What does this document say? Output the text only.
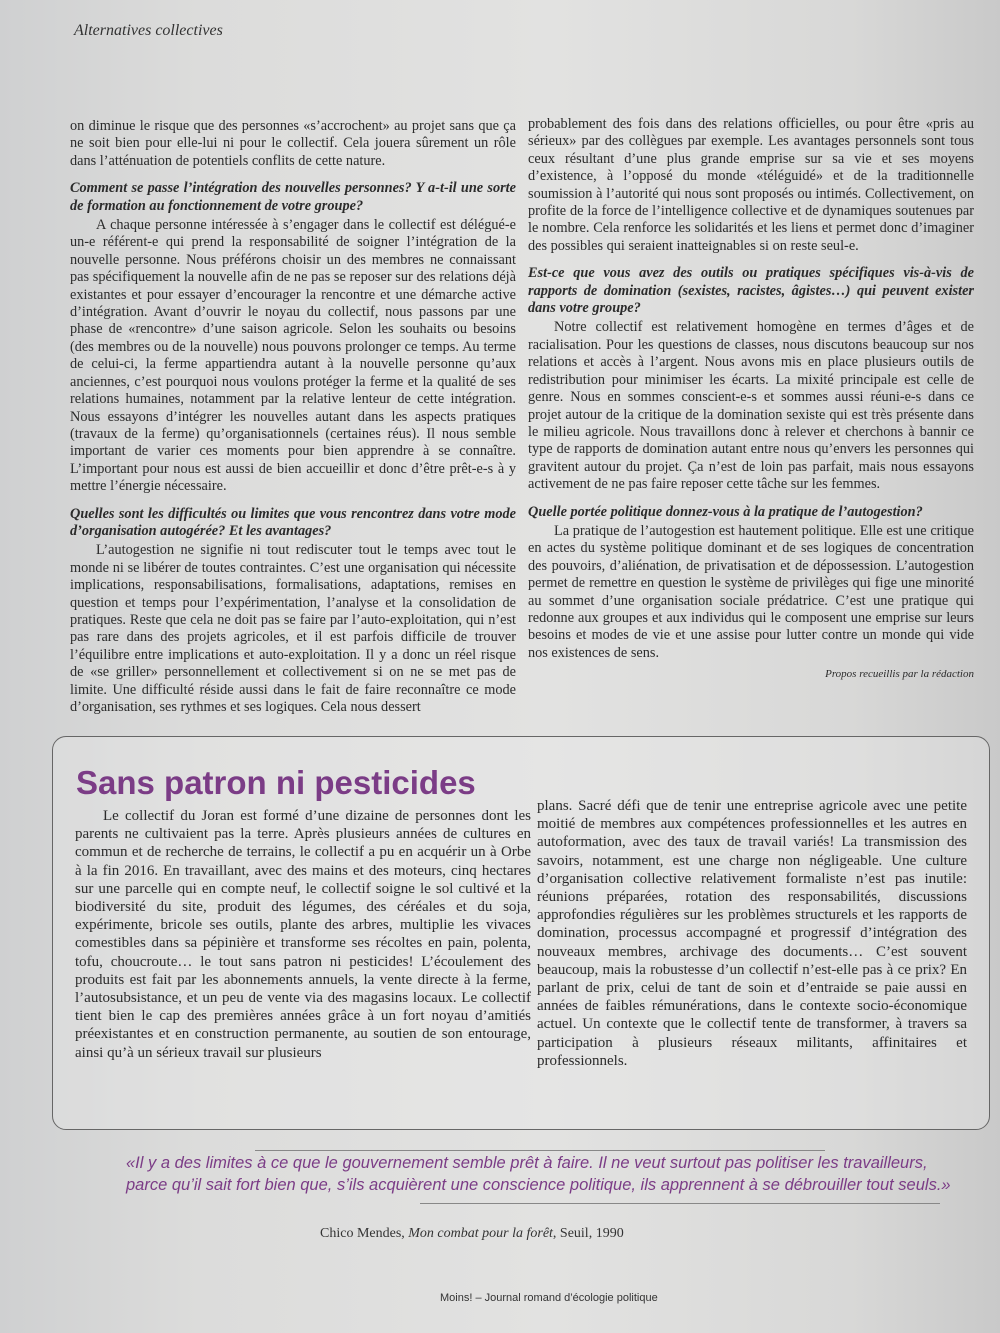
Alternatives collectives

on diminue le risque que des personnes «s’accrochent» au projet sans que ça ne soit bien pour elle-lui ni pour le collectif. Cela jouera sûrement un rôle dans l’atténuation de potentiels conflits de cette nature.

Comment se passe l’intégration des nouvelles personnes? Y a-t-il une sorte de formation au fonctionnement de votre groupe?

A chaque personne intéressée à s’engager dans le collectif est délégué-e un-e référent-e qui prend la responsabilité de soigner l’intégration de la nouvelle personne. Nous préférons choisir un des membres ne connaissant pas spécifiquement la nouvelle afin de ne pas se reposer sur des relations déjà existantes et pour essayer d’encourager la rencontre et une démarche active d’intégration. Avant d’ouvrir le noyau du collectif, nous passons par une phase de «rencontre» d’une saison agricole. Selon les souhaits ou besoins (des membres ou de la nouvelle) nous pouvons prolonger ce temps. Au terme de celui-ci, la ferme appartiendra autant à la nouvelle personne qu’aux anciennes, c’est pourquoi nous voulons protéger la ferme et la qualité de ses relations humaines, notamment par la relative lenteur de cette intégration. Nous essayons d’intégrer les nouvelles autant dans les aspects pratiques (travaux de la ferme) qu’organisationnels (certaines réus). Il nous semble important de varier ces moments pour bien apprendre à se connaître. L’important pour nous est aussi de bien accueillir et donc d’être prêt-e-s à y mettre l’énergie nécessaire.

Quelles sont les difficultés ou limites que vous rencontrez dans votre mode d’organisation autogérée? Et les avantages?

L’autogestion ne signifie ni tout rediscuter tout le temps avec tout le monde ni se libérer de toutes contraintes. C’est une organisation qui nécessite implications, responsabilisations, formalisations, adaptations, remises en question et temps pour l’expérimentation, l’analyse et la consolidation de pratiques. Reste que cela ne doit pas se faire par l’auto-exploitation, qui n’est pas rare dans des projets agricoles, et il est parfois difficile de trouver l’équilibre entre implications et auto-exploitation. Il y a donc un réel risque de «se griller» personnellement et collectivement si on ne se met pas de limite. Une difficulté réside aussi dans le fait de faire reconnaître ce mode d’organisation, ses rythmes et ses logiques. Cela nous dessert

probablement des fois dans des relations officielles, ou pour être «pris au sérieux» par des collègues par exemple. Les avantages personnels sont tous ceux résultant d’une plus grande emprise sur sa vie et ses moyens d’existence, à l’opposé du monde «téléguidé» et de la traditionnelle soumission à l’autorité qui nous sont proposés ou intimés. Collectivement, on profite de la force de l’intelligence collective et de dynamiques soutenues par le nombre. Cela renforce les solidarités et les liens et permet donc d’imaginer des possibles qui seraient inatteignables si on reste seul-e.

Est-ce que vous avez des outils ou pratiques spécifiques vis-à-vis de rapports de domination (sexistes, racistes, âgistes…) qui peuvent exister dans votre groupe?

Notre collectif est relativement homogène en termes d’âges et de racialisation. Pour les questions de classes, nous discutons beaucoup sur nos relations et accès à l’argent. Nous avons mis en place plusieurs outils de redistribution pour minimiser les écarts. La mixité principale est celle de genre. Nous en sommes conscient-e-s et sommes aussi réuni-e-s dans ce projet autour de la critique de la domination sexiste qui est très présente dans le milieu agricole. Nous travaillons donc à relever et cherchons à bannir ce type de rapports de domination autant entre nous qu’envers les personnes qui gravitent autour du projet. Ça n’est de loin pas parfait, mais nous essayons activement de ne pas faire reposer cette tâche sur les femmes.

Quelle portée politique donnez-vous à la pratique de l’autogestion?

La pratique de l’autogestion est hautement politique. Elle est une critique en actes du système politique dominant et de ses logiques de concentration des pouvoirs, d’aliénation, de privatisation et de dépossession. L’autogestion permet de remettre en question le système de privilèges qui fige une minorité au sommet d’une organisation sociale prédatrice. C’est une pratique qui redonne aux groupes et aux individus qui le composent une emprise sur leurs besoins et modes de vie et une assise pour lutter contre un monde qui vide nos existences de sens.

Propos recueillis par la rédaction

Le collectif du Joran est formé d’une dizaine de personnes dont les parents ne cultivaient pas la terre. Après plusieurs années de cultures en commun et de recherche de terrains, le collectif a pu en acquérir un à Orbe à la fin 2016. En travaillant, avec des mains et des moteurs, cinq hectares sur une parcelle qui en compte neuf, le collectif soigne le sol cultivé et la biodiversité du site, produit des légumes, des céréales et du soja, expérimente, bricole ses outils, plante des arbres, multiplie les vivaces comestibles dans sa pépinière et transforme ses récoltes en pain, polenta, tofu, choucroute… le tout sans patron ni pesticides! L’écoulement des produits est fait par les abonnements annuels, la vente directe à la ferme, l’autosubsistance, et un peu de vente via des magasins locaux. Le collectif tient bien le cap des premières années grâce à un fort noyau d’amitiés préexistantes et en construction permanente, au soutien de son entourage, ainsi qu’à un sérieux travail sur plusieurs

plans. Sacré défi que de tenir une entreprise agricole avec une petite moitié de membres aux compétences professionnelles et les autres en autoformation, avec des taux de travail variés! La transmission des savoirs, notamment, est une charge non négligeable. Une culture d’organisation collective relativement formaliste n’est pas inutile: réunions préparées, rotation des responsabilités, discussions approfondies régulières sur les problèmes structurels et les rapports de domination, processus accompagné et progressif d’intégration des nouveaux membres, archivage des documents… C’est souvent beaucoup, mais la robustesse d’un collectif n’est-elle pas à ce prix? En parlant de prix, celui de tant de soin et d’entraide se paie aussi en années de faibles rémunérations, dans le contexte socio-économique actuel. Un contexte que le collectif tente de transformer, à travers sa participation à plusieurs réseaux militants, affinitaires et professionnels.

Sans patron ni pesticides
«Il y a des limites à ce que le gouvernement semble prêt à faire. Il ne veut surtout pas politiser les travailleurs,
parce qu’il sait fort bien que, s’ils acquièrent une conscience politique, ils apprennent à se débrouiller tout seuls.»
Chico Mendes, Mon combat pour la forêt, Seuil, 1990
Moins! – Journal romand d’écologie politique
